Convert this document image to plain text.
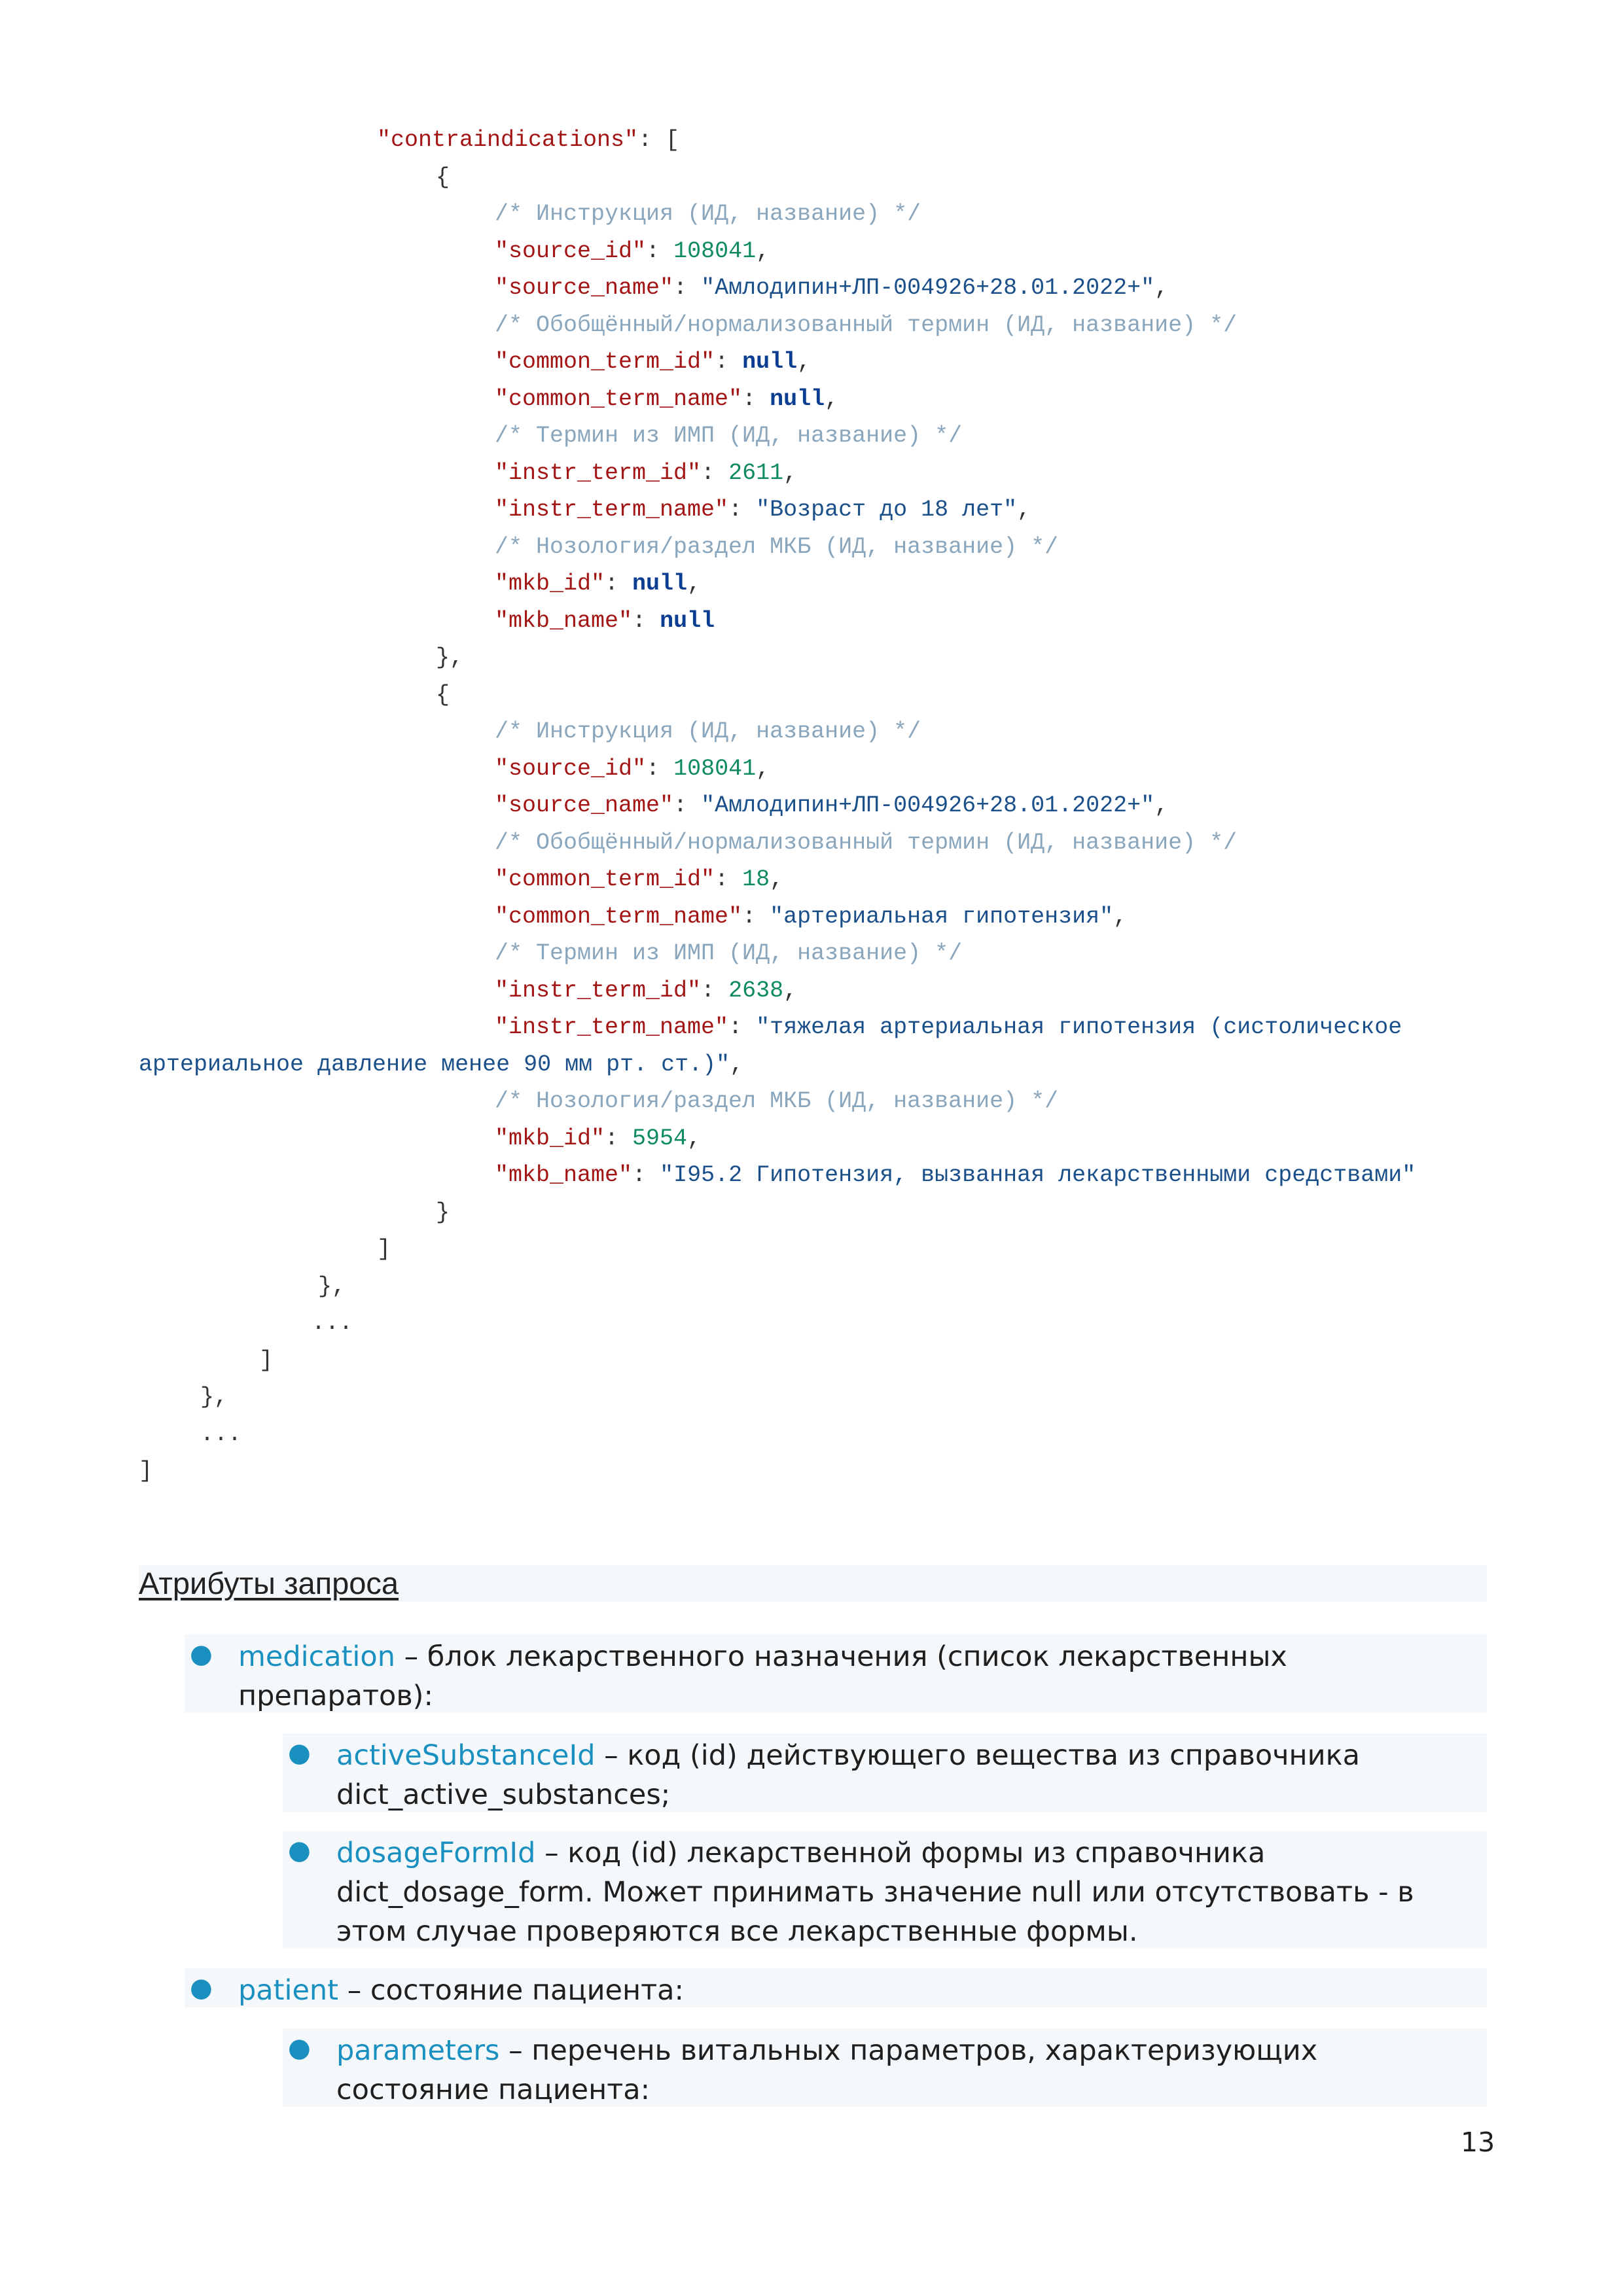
"contraindications": [
{
/* Инструкция (ИД, название) */
"source_id": 108041,
"source_name": "Амлодипин+ЛП-004926+28.01.2022+",
/* Обобщённый/нормализованный термин (ИД, название) */
"common_term_id": null,
"common_term_name": null,
/* Термин из ИМП (ИД, название) */
"instr_term_id": 2611,
"instr_term_name": "Возраст до 18 лет",
/* Нозология/раздел МКБ (ИД, название) */
"mkb_id": null,
"mkb_name": null
},
{
/* Инструкция (ИД, название) */
"source_id": 108041,
"source_name": "Амлодипин+ЛП-004926+28.01.2022+",
/* Обобщённый/нормализованный термин (ИД, название) */
"common_term_id": 18,
"common_term_name": "артериальная гипотензия",
/* Термин из ИМП (ИД, название) */
"instr_term_id": 2638,
"instr_term_name": "тяжелая артериальная гипотензия (систолическое
артериальное давление менее 90 мм рт. ст.)",
/* Нозология/раздел МКБ (ИД, название) */
"mkb_id": 5954,
"mkb_name": "I95.2 Гипотензия, вызванная лекарственными средствами"
}
]
},
...
]
},
...
]
Атрибуты запроса
● medication – блок лекарственного назначения (список лекарственных
препаратов):
● activeSubstanceId – код (id) действующего вещества из справочника
dict_active_substances;
● dosageFormId – код (id) лекарственной формы из справочника
dict_dosage_form. Может принимать значение null или отсутствовать - в
этом случае проверяются все лекарственные формы.
● patient – состояние пациента:
● parameters – перечень витальных параметров, характеризующих
состояние пациента:
13
